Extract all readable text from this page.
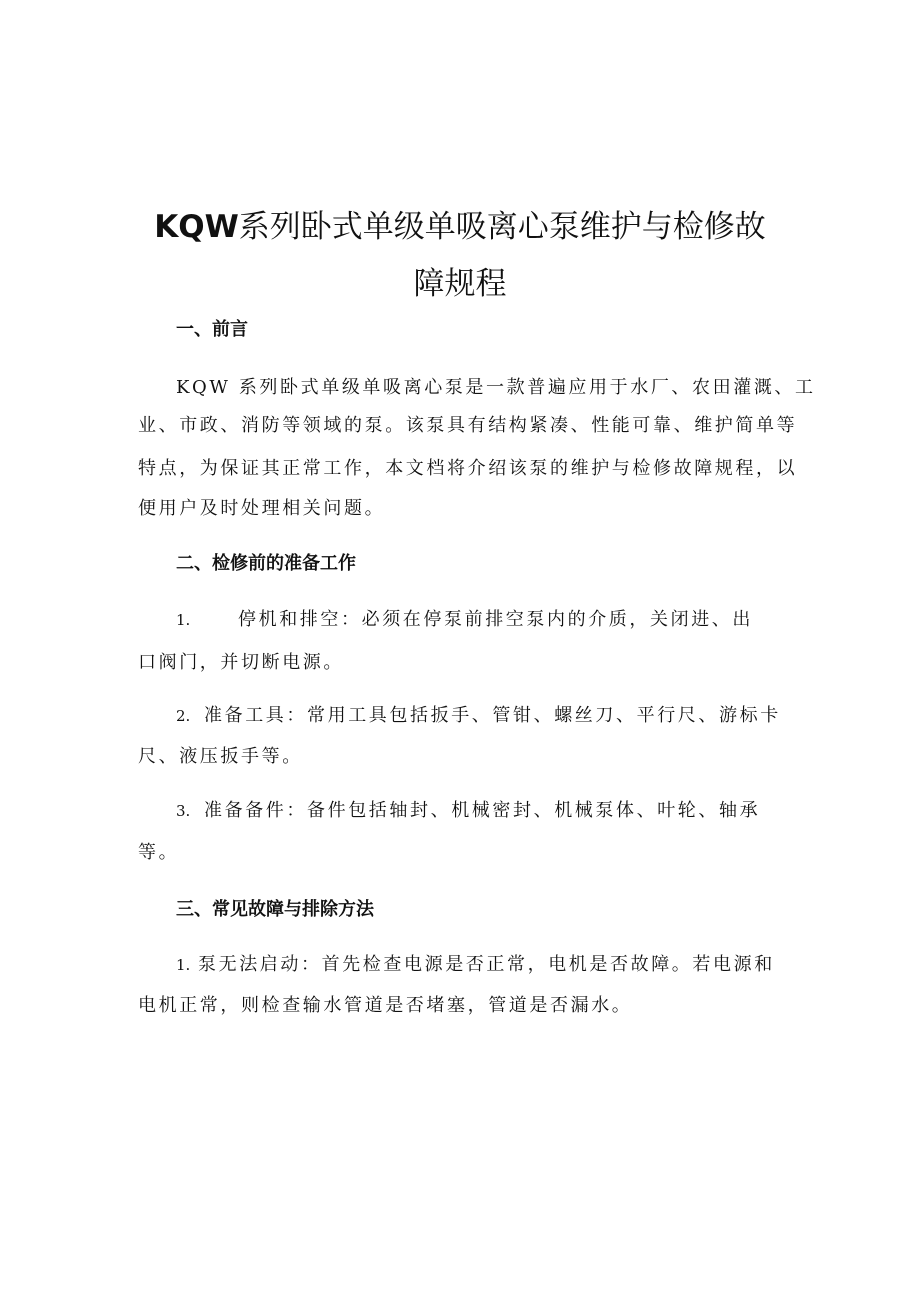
KQW系列卧式单级单吸离心泵维护与检修故
障规程
一、前言
KQW 系列卧式单级单吸离心泵是一款普遍应用于水厂、农田灌溉、工
业、市政、消防等领域的泵。该泵具有结构紧凑、性能可靠、维护简单等
特点，为保证其正常工作，本文档将介绍该泵的维护与检修故障规程，以
便用户及时处理相关问题。
二、检修前的准备工作
1.	停机和排空：必须在停泵前排空泵内的介质，关闭进、出
口阀门，并切断电源。
2. 准备工具：常用工具包括扳手、管钳、螺丝刀、平行尺、游标卡
尺、液压扳手等。
3. 准备备件：备件包括轴封、机械密封、机械泵体、叶轮、轴承
等。
三、常见故障与排除方法
1. 泵无法启动：首先检查电源是否正常，电机是否故障。若电源和
电机正常，则检查输水管道是否堵塞，管道是否漏水。
